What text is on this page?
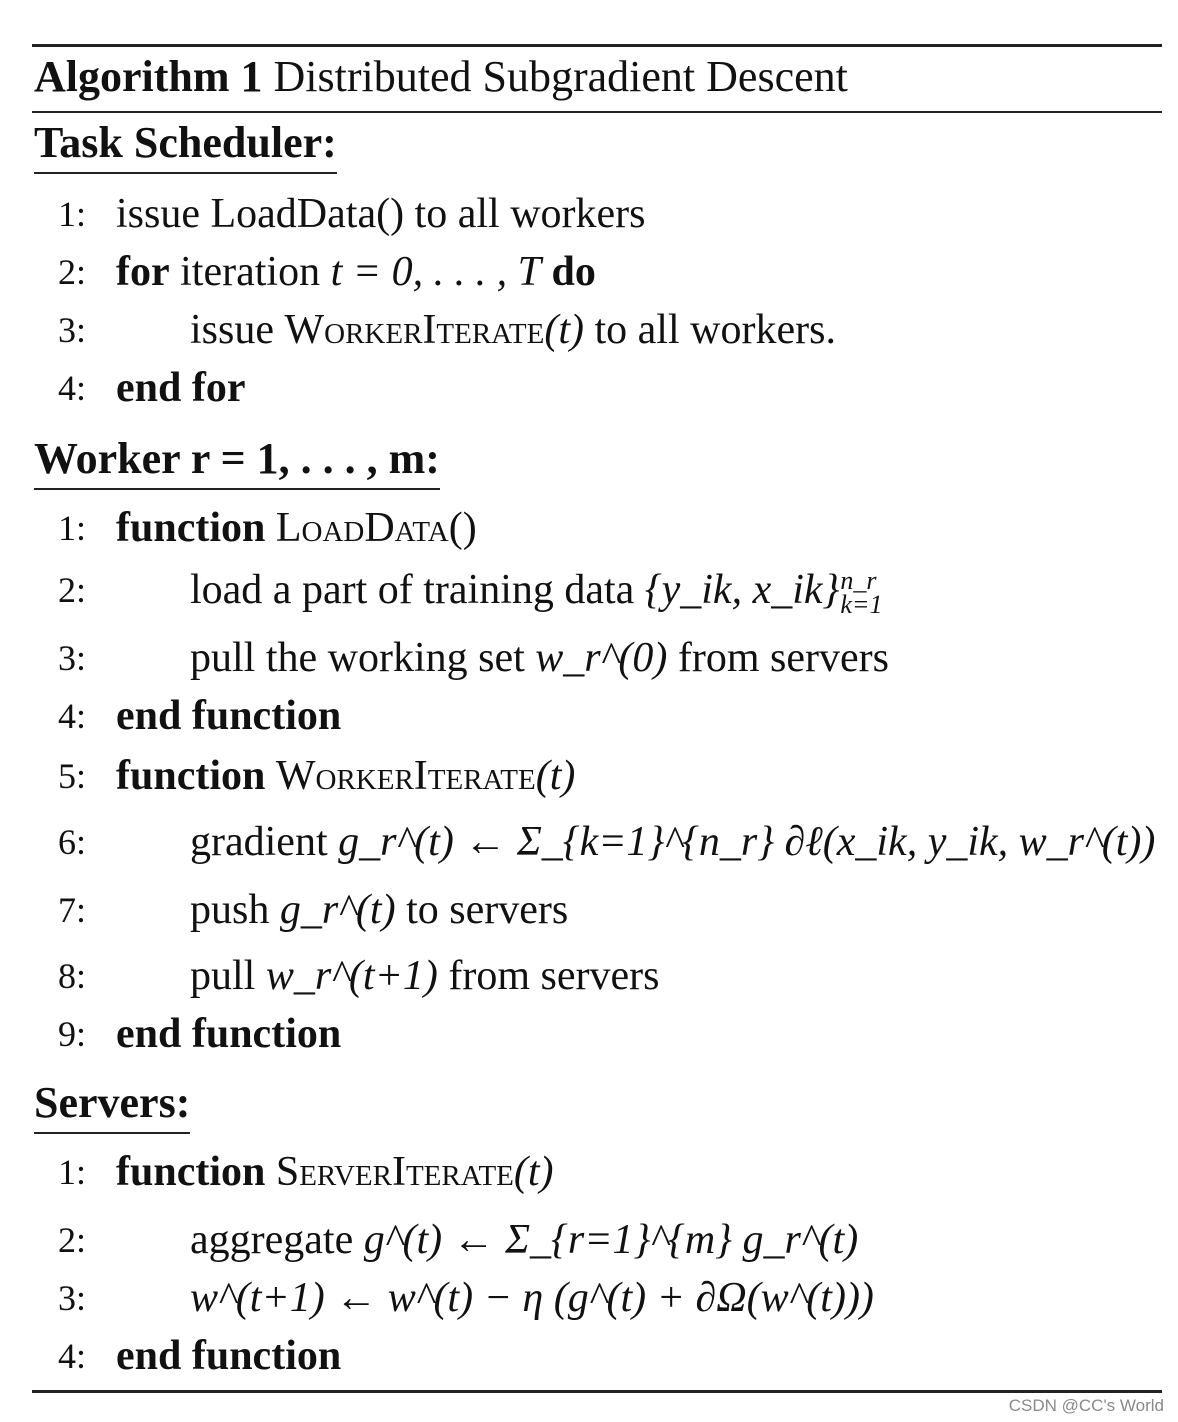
Algorithm 1 Distributed Subgradient Descent
Task Scheduler:
1: issue LoadData() to all workers
2: for iteration t = 0, . . . , T do
3: issue WorkerIterate(t) to all workers.
4: end for
Worker r = 1, . . . , m:
1: function LoadData()
2: load a part of training data {y_ik, x_ik} n_r
k=1
3: pull the working set w_r^(0) from servers
4: end function
5: function WorkerIterate(t)
6: gradient g_r^(t) ← Σ_{k=1}^{n_r} ∂ℓ(x_ik, y_ik, w_r^(t))
7: push g_r^(t) to servers
8: pull w_r^(t+1) from servers
9: end function
Servers:
1: function ServerIterate(t)
2: aggregate g^(t) ← Σ_{r=1}^{m} g_r^(t)
3: w^(t+1) ← w^(t) − η (g^(t) + ∂Ω(w^(t)))
4: end function
CSDN @CC's World
